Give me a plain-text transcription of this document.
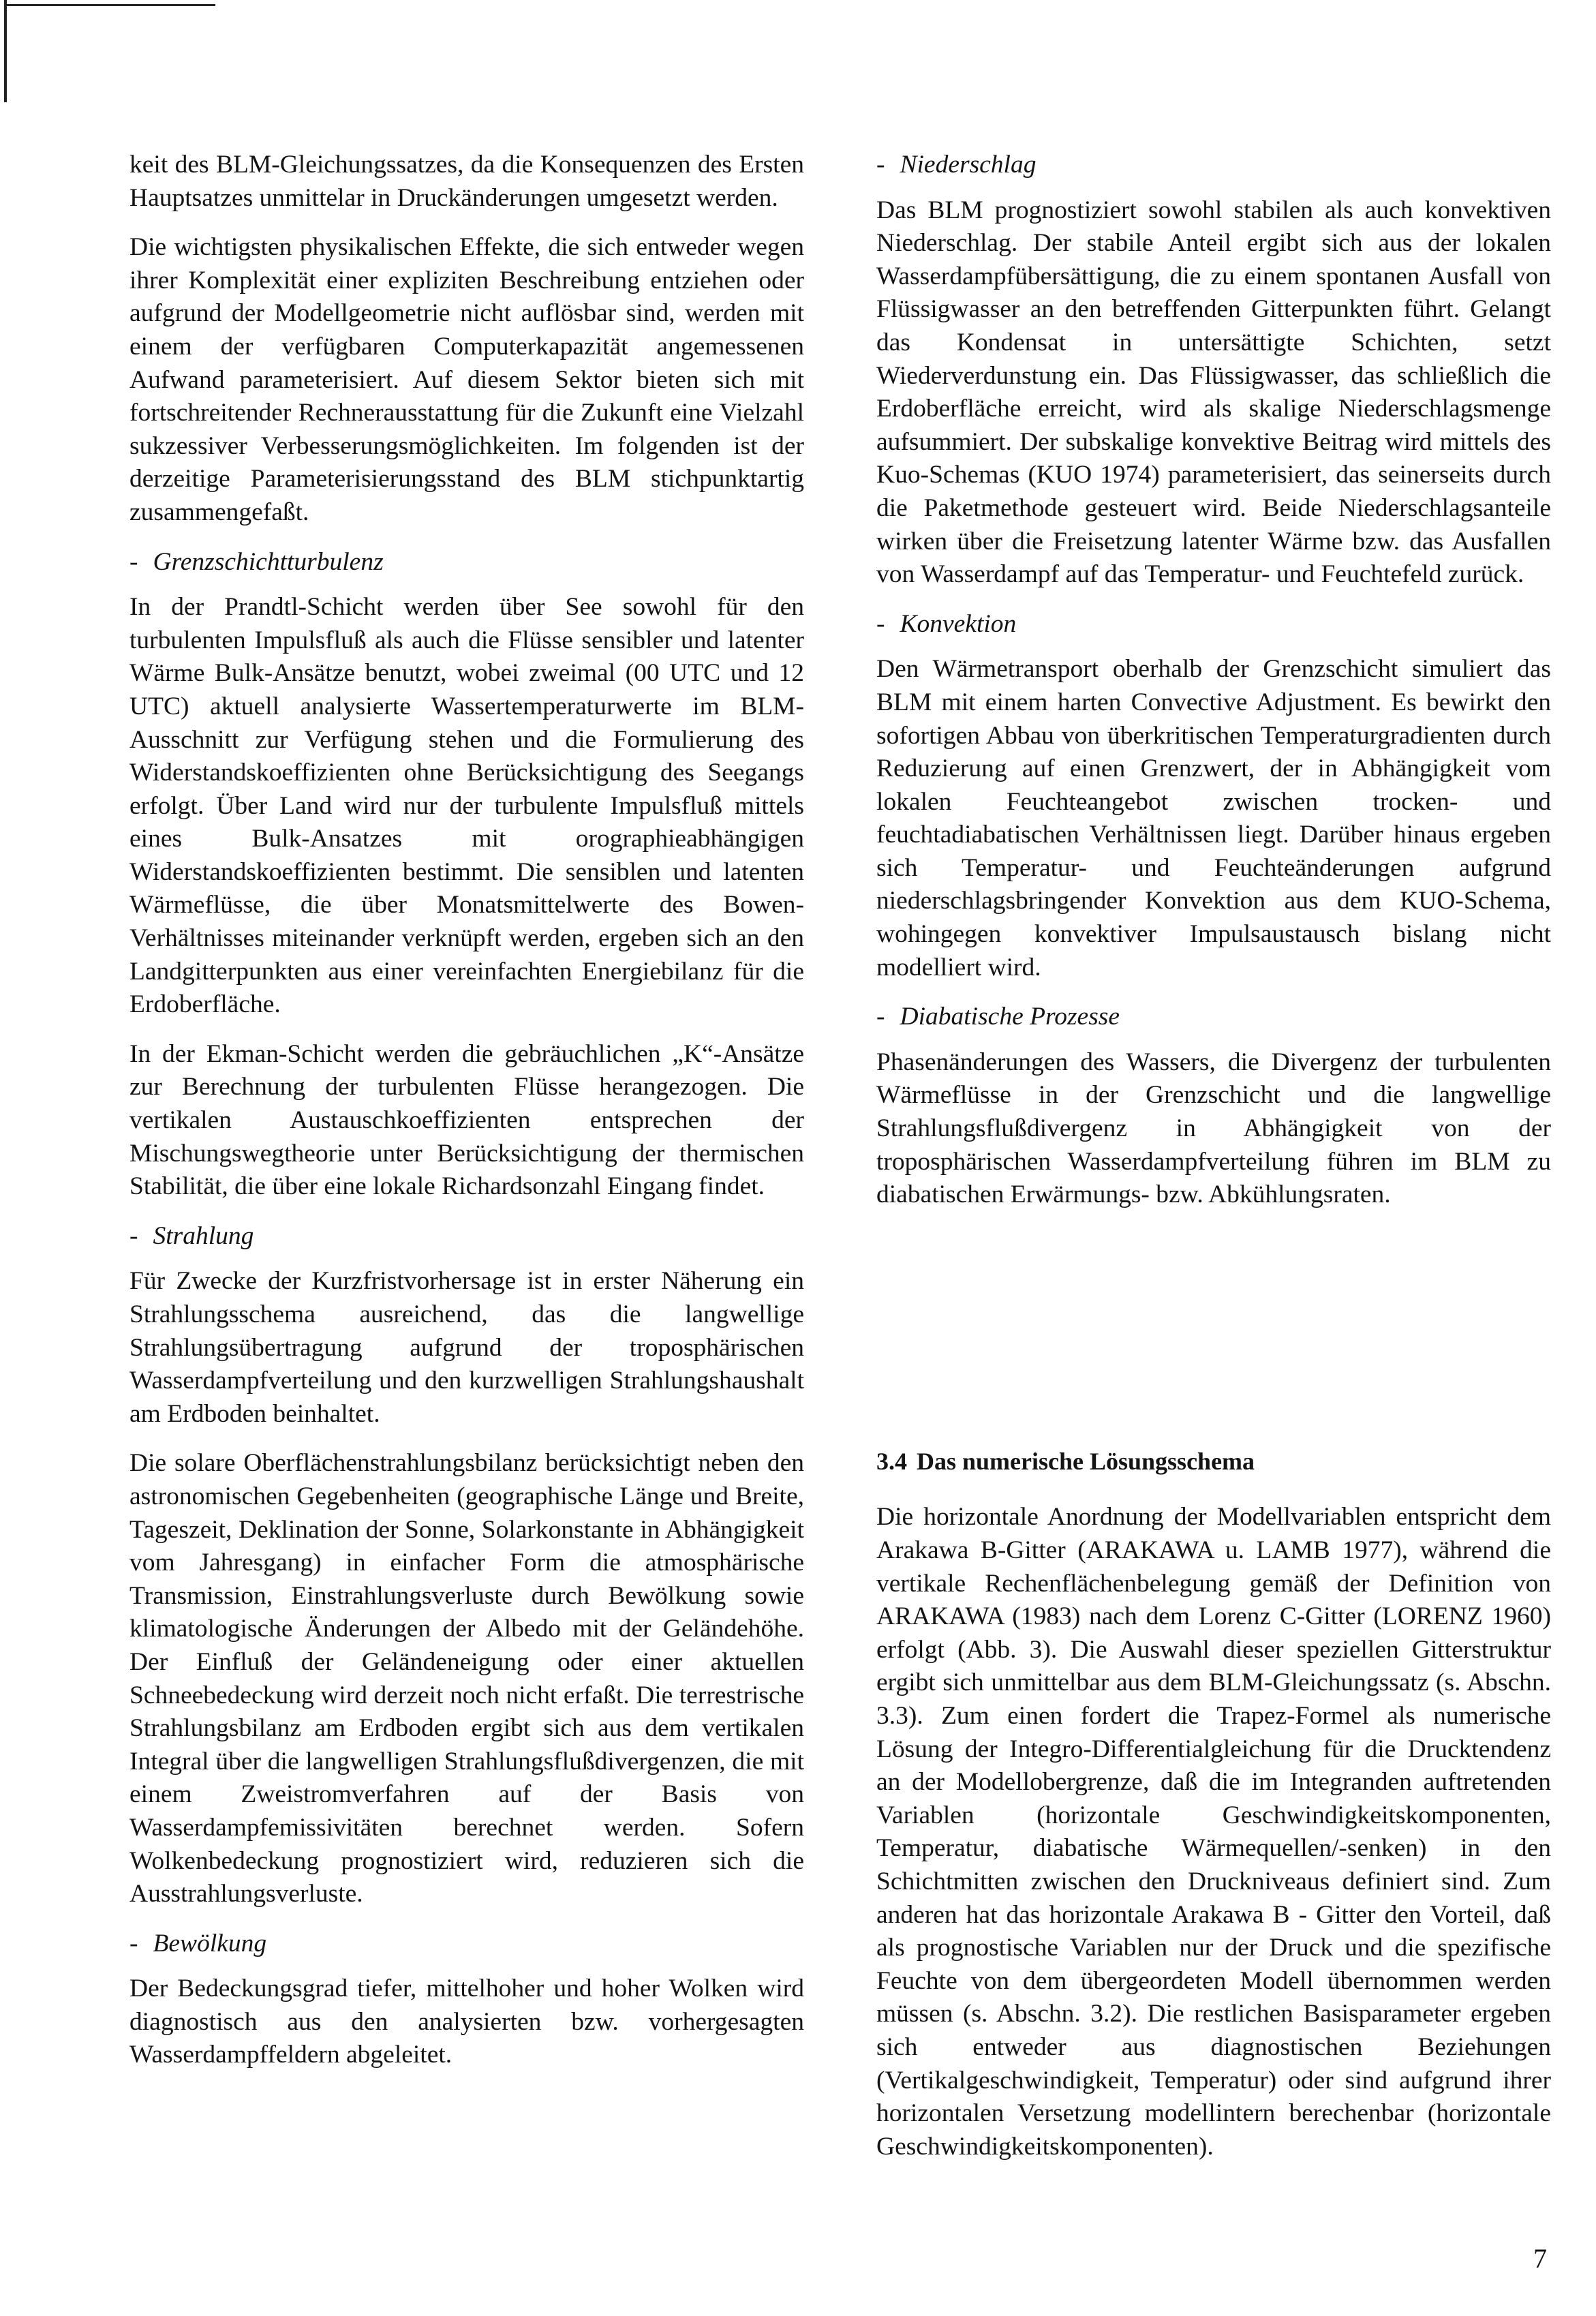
keit des BLM-Gleichungssatzes, da die Konsequenzen des Ersten Hauptsatzes unmittelar in Druckänderungen umgesetzt werden.

Die wichtigsten physikalischen Effekte, die sich entweder wegen ihrer Komplexität einer expliziten Beschreibung entziehen oder aufgrund der Modellgeometrie nicht auflösbar sind, werden mit einem der verfügbaren Computerkapazität angemessenen Aufwand parameterisiert. Auf diesem Sektor bieten sich mit fortschreitender Rechnerausstattung für die Zukunft eine Vielzahl sukzessiver Verbesserungsmöglichkeiten. Im folgenden ist der derzeitige Parameterisierungsstand des BLM stichpunktartig zusammengefaßt.

- Grenzschichtturbulenz

In der Prandtl-Schicht werden über See sowohl für den turbulenten Impulsfluß als auch die Flüsse sensibler und latenter Wärme Bulk-Ansätze benutzt, wobei zweimal (00 UTC und 12 UTC) aktuell analysierte Wassertemperaturwerte im BLM-Ausschnitt zur Verfügung stehen und die Formulierung des Widerstandskoeffizienten ohne Berücksichtigung des Seegangs erfolgt. Über Land wird nur der turbulente Impulsfluß mittels eines Bulk-Ansatzes mit orographieabhängigen Widerstandskoeffizienten bestimmt. Die sensiblen und latenten Wärmeflüsse, die über Monatsmittelwerte des Bowen-Verhältnisses miteinander verknüpft werden, ergeben sich an den Landgitterpunkten aus einer vereinfachten Energiebilanz für die Erdoberfläche.

In der Ekman-Schicht werden die gebräuchlichen „K“-Ansätze zur Berechnung der turbulenten Flüsse herangezogen. Die vertikalen Austauschkoeffizienten entsprechen der Mischungswegtheorie unter Berücksichtigung der thermischen Stabilität, die über eine lokale Richardsonzahl Eingang findet.

- Strahlung

Für Zwecke der Kurzfristvorhersage ist in erster Näherung ein Strahlungsschema ausreichend, das die langwellige Strahlungsübertragung aufgrund der troposphärischen Wasserdampfverteilung und den kurzwelligen Strahlungshaushalt am Erdboden beinhaltet.

Die solare Oberflächenstrahlungsbilanz berücksichtigt neben den astronomischen Gegebenheiten (geographische Länge und Breite, Tageszeit, Deklination der Sonne, Solarkonstante in Abhängigkeit vom Jahresgang) in einfacher Form die atmosphärische Transmission, Einstrahlungsverluste durch Bewölkung sowie klimatologische Änderungen der Albedo mit der Geländehöhe. Der Einfluß der Geländeneigung oder einer aktuellen Schneebedeckung wird derzeit noch nicht erfaßt. Die terrestrische Strahlungsbilanz am Erdboden ergibt sich aus dem vertikalen Integral über die langwelligen Strahlungsflußdivergenzen, die mit einem Zweistromverfahren auf der Basis von Wasserdampfemissivitäten berechnet werden. Sofern Wolkenbedeckung prognostiziert wird, reduzieren sich die Ausstrahlungsverluste.

- Bewölkung

Der Bedeckungsgrad tiefer, mittelhoher und hoher Wolken wird diagnostisch aus den analysierten bzw. vorhergesagten Wasserdampffeldern abgeleitet.

- Niederschlag

Das BLM prognostiziert sowohl stabilen als auch konvektiven Niederschlag. Der stabile Anteil ergibt sich aus der lokalen Wasserdampfübersättigung, die zu einem spontanen Ausfall von Flüssigwasser an den betreffenden Gitterpunkten führt. Gelangt das Kondensat in untersättigte Schichten, setzt Wiederverdunstung ein. Das Flüssigwasser, das schließlich die Erdoberfläche erreicht, wird als skalige Niederschlagsmenge aufsummiert. Der subskalige konvektive Beitrag wird mittels des Kuo-Schemas (KUO 1974) parameterisiert, das seinerseits durch die Paketmethode gesteuert wird. Beide Niederschlagsanteile wirken über die Freisetzung latenter Wärme bzw. das Ausfallen von Wasserdampf auf das Temperatur- und Feuchtefeld zurück.

- Konvektion

Den Wärmetransport oberhalb der Grenzschicht simuliert das BLM mit einem harten Convective Adjustment. Es bewirkt den sofortigen Abbau von überkritischen Temperaturgradienten durch Reduzierung auf einen Grenzwert, der in Abhängigkeit vom lokalen Feuchteangebot zwischen trocken- und feuchtadiabatischen Verhältnissen liegt. Darüber hinaus ergeben sich Temperatur- und Feuchteänderungen aufgrund niederschlagsbringender Konvektion aus dem KUO-Schema, wohingegen konvektiver Impulsaustausch bislang nicht modelliert wird.

- Diabatische Prozesse

Phasenänderungen des Wassers, die Divergenz der turbulenten Wärmeflüsse in der Grenzschicht und die langwellige Strahlungsflußdivergenz in Abhängigkeit von der troposphärischen Wasserdampfverteilung führen im BLM zu diabatischen Erwärmungs- bzw. Abkühlungsraten.

3.4 Das numerische Lösungsschema

Die horizontale Anordnung der Modellvariablen entspricht dem Arakawa B-Gitter (ARAKAWA u. LAMB 1977), während die vertikale Rechenflächenbelegung gemäß der Definition von ARAKAWA (1983) nach dem Lorenz C-Gitter (LORENZ 1960) erfolgt (Abb. 3). Die Auswahl dieser speziellen Gitterstruktur ergibt sich unmittelbar aus dem BLM-Gleichungssatz (s. Abschn. 3.3). Zum einen fordert die Trapez-Formel als numerische Lösung der Integro-Differentialgleichung für die Drucktendenz an der Modellobergrenze, daß die im Integranden auftretenden Variablen (horizontale Geschwindigkeitskomponenten, Temperatur, diabatische Wärmequellen/-senken) in den Schichtmitten zwischen den Druckniveaus definiert sind. Zum anderen hat das horizontale Arakawa B - Gitter den Vorteil, daß als prognostische Variablen nur der Druck und die spezifische Feuchte von dem übergeordeten Modell übernommen werden müssen (s. Abschn. 3.2). Die restlichen Basisparameter ergeben sich entweder aus diagnostischen Beziehungen (Vertikalgeschwindigkeit, Temperatur) oder sind aufgrund ihrer horizontalen Versetzung modellintern berechenbar (horizontale Geschwindigkeitskomponenten).

7
